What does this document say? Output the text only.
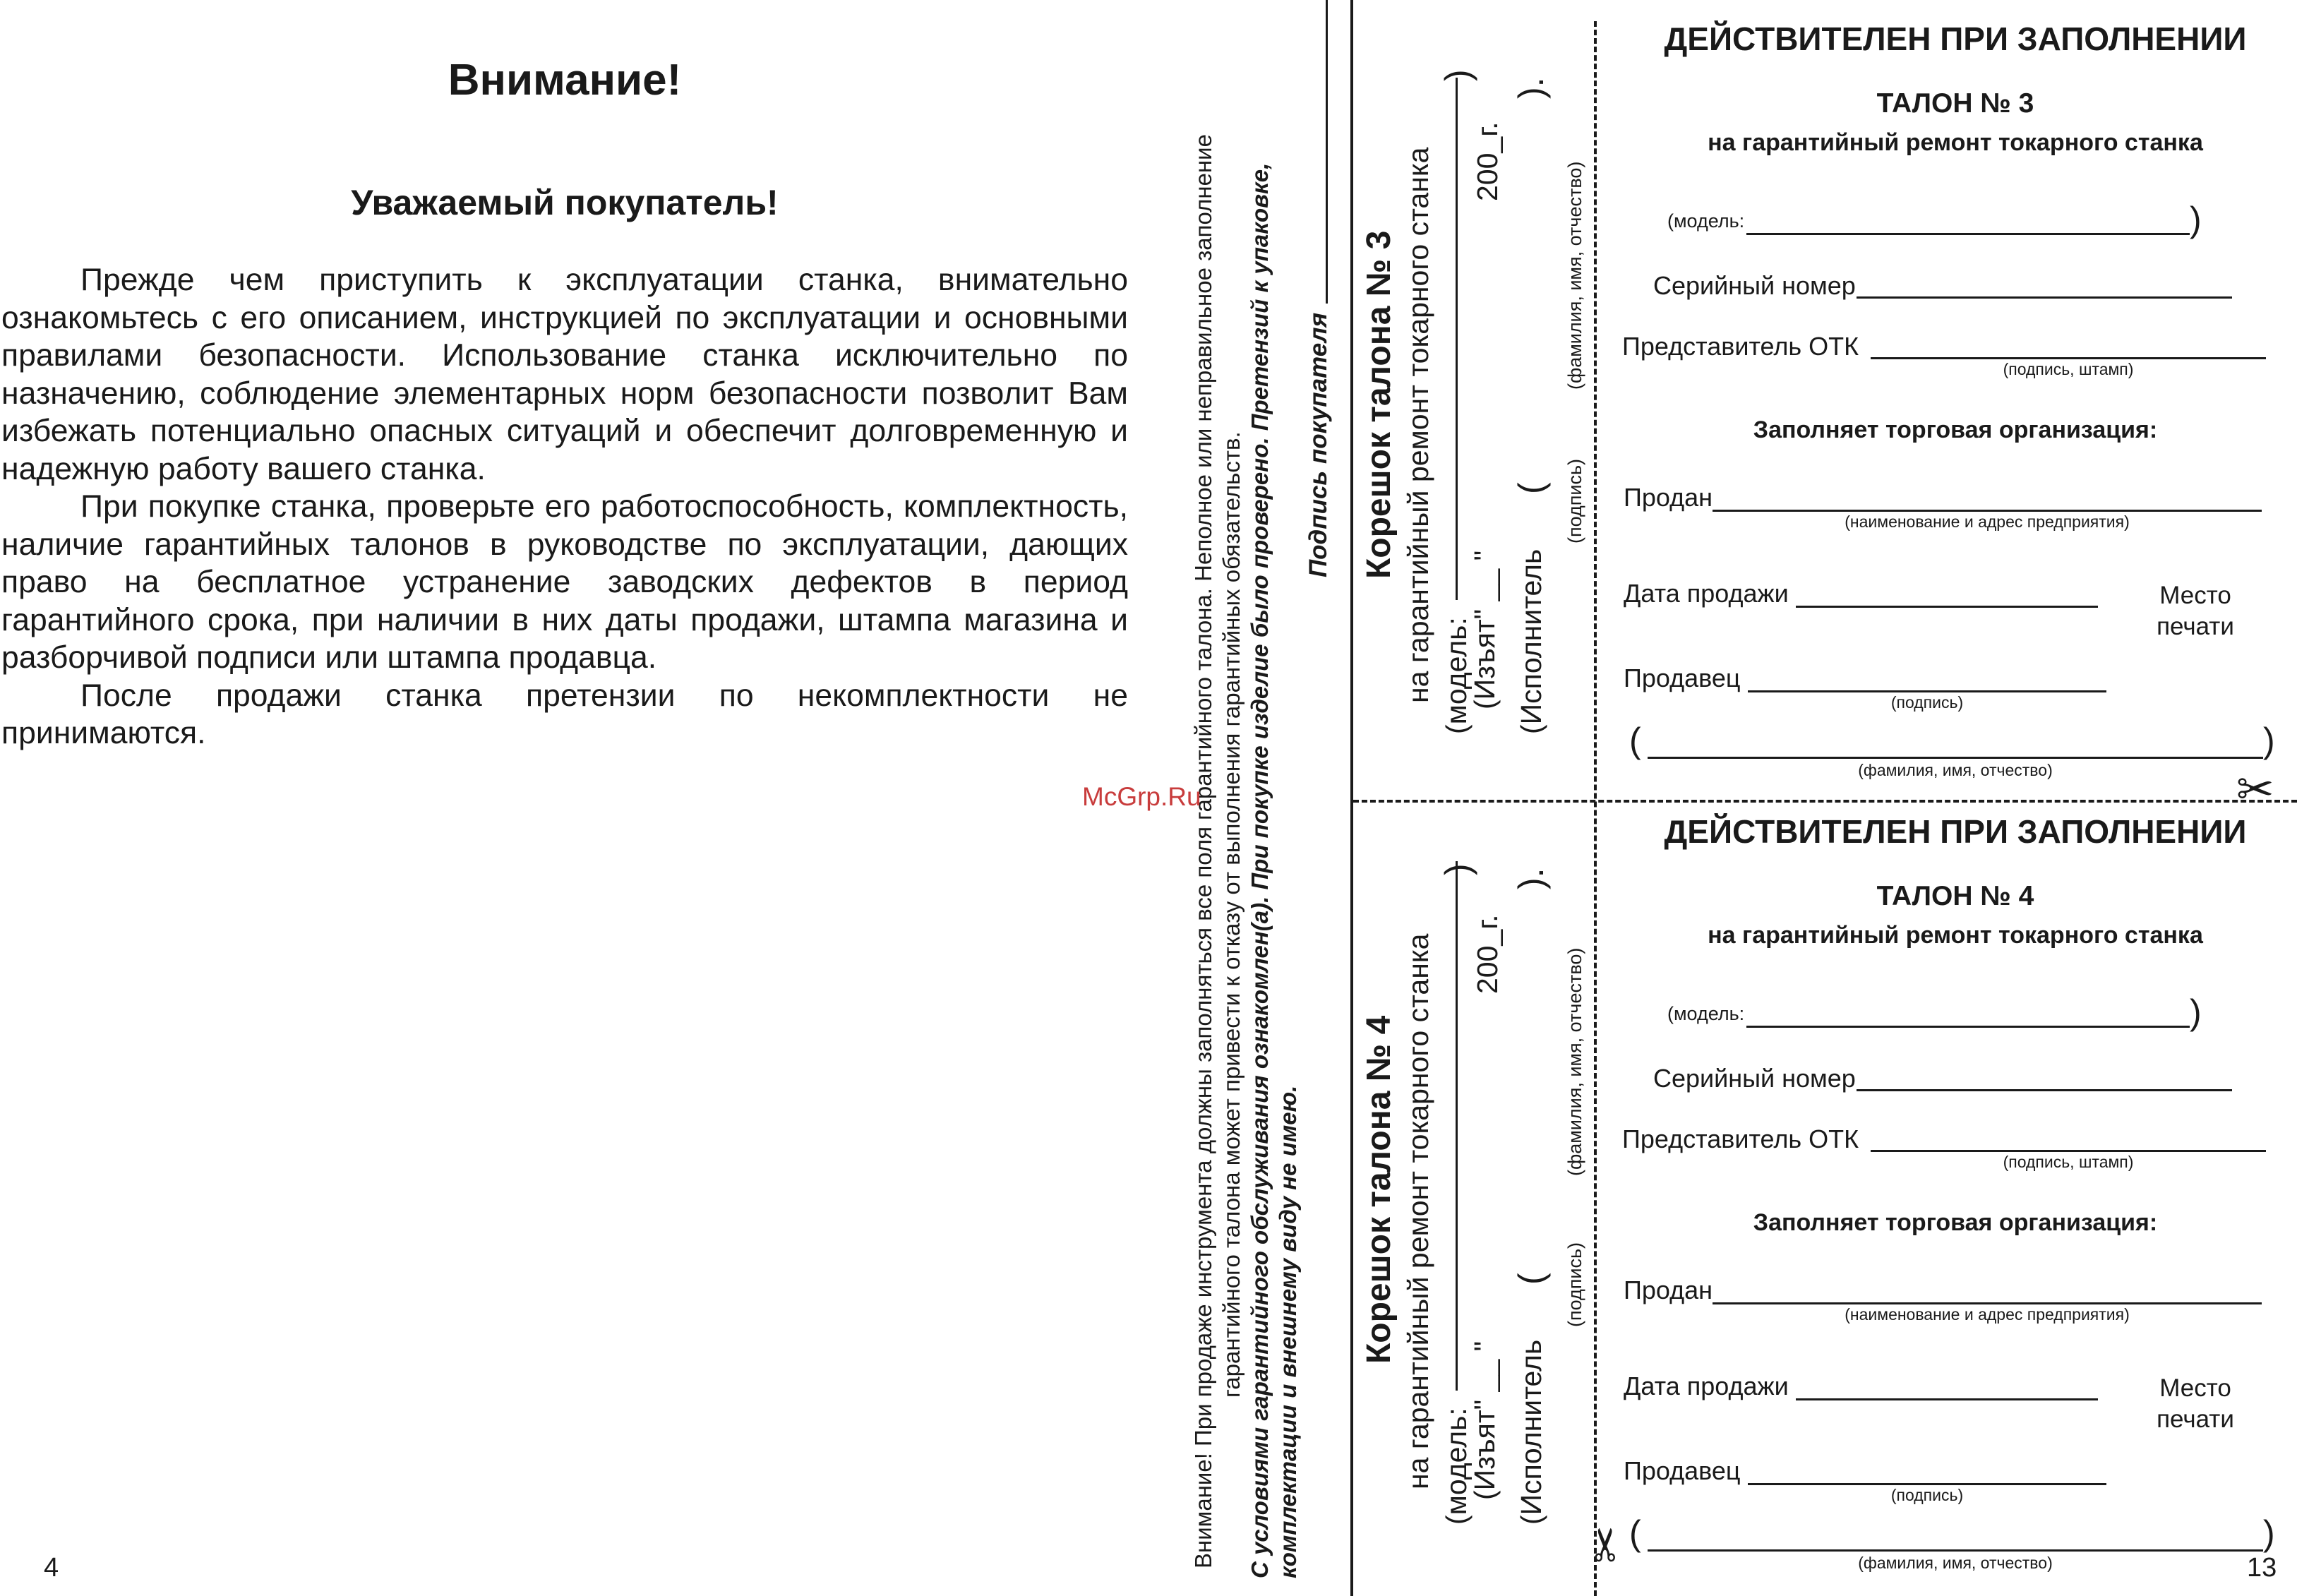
Внимание!
Уважаемый покупатель!

Прежде чем приступить к эксплуатации станка, внимательно ознакомьтесь с его описанием, инструкцией по эксплуатации и основными правилами безопасности. Использование станка исключительно по назначению, соблюдение элементарных норм безопасности позволит Вам избежать потенциально опасных ситуаций и обеспечит долговременную и надежную работу вашего станка.

При покупке станка, проверьте его работоспособность, комплектность, наличие гарантийных талонов в руководстве по эксплуатации, дающих право на бесплатное устранение заводских дефектов в период гарантийного срока, при наличии в них даты продажи, штампа магазина и разборчивой подписи или штампа продавца.

После продажи станка претензии по некомплектности не принимаются.

4	Внимание! При продаже инструмента должны заполняться все поля гарантийного талона. Неполное или неправильное заполнение гарантийного талона может привести к отказу от выполнения гарантийных обязательств. С условиями гарантийного обслуживания ознакомлен(а). При покупке изделие было проверено. Претензий к упаковке, комплектации и внешнему виду не имею.
Подпись покупателя Корешок талона № 3 на гарантийный ремонт токарного станка (модель:
)
(Изъят" __ "
200_г.
(Исполнитель
(
).
(подпись)
(фамилия, имя, отчество)
Корешок талона № 4 на гарантийный ремонт токарного станка (модель:
)
(Изъят" __ "
200_г.
(Исполнитель
(
).
(подпись)
(фамилия, имя, отчество)
ДЕЙСТВИТЕЛЕН ПРИ ЗАПОЛНЕНИИ
ТАЛОН № 3
на гарантийный ремонт токарного станка
(модель:	)
Серийный номер
Представитель ОТК
(подпись, штамп)
Заполняет торговая организация:
Продан
(наименование и адрес предприятия)
Дата продажи	Место печати
Продавец
(подпись)
(	)
(фамилия, имя, отчество)
ДЕЙСТВИТЕЛЕН ПРИ ЗАПОЛНЕНИИ
ТАЛОН № 4
на гарантийный ремонт токарного станка
(модель:	)
Серийный номер
Представитель ОТК
(подпись, штамп)
Заполняет торговая организация:
Продан
(наименование и адрес предприятия)
Дата продажи	Место печати
Продавец
(подпись)
(	)
(фамилия, имя, отчество)
✂
✂
McGrp.Ru
13
